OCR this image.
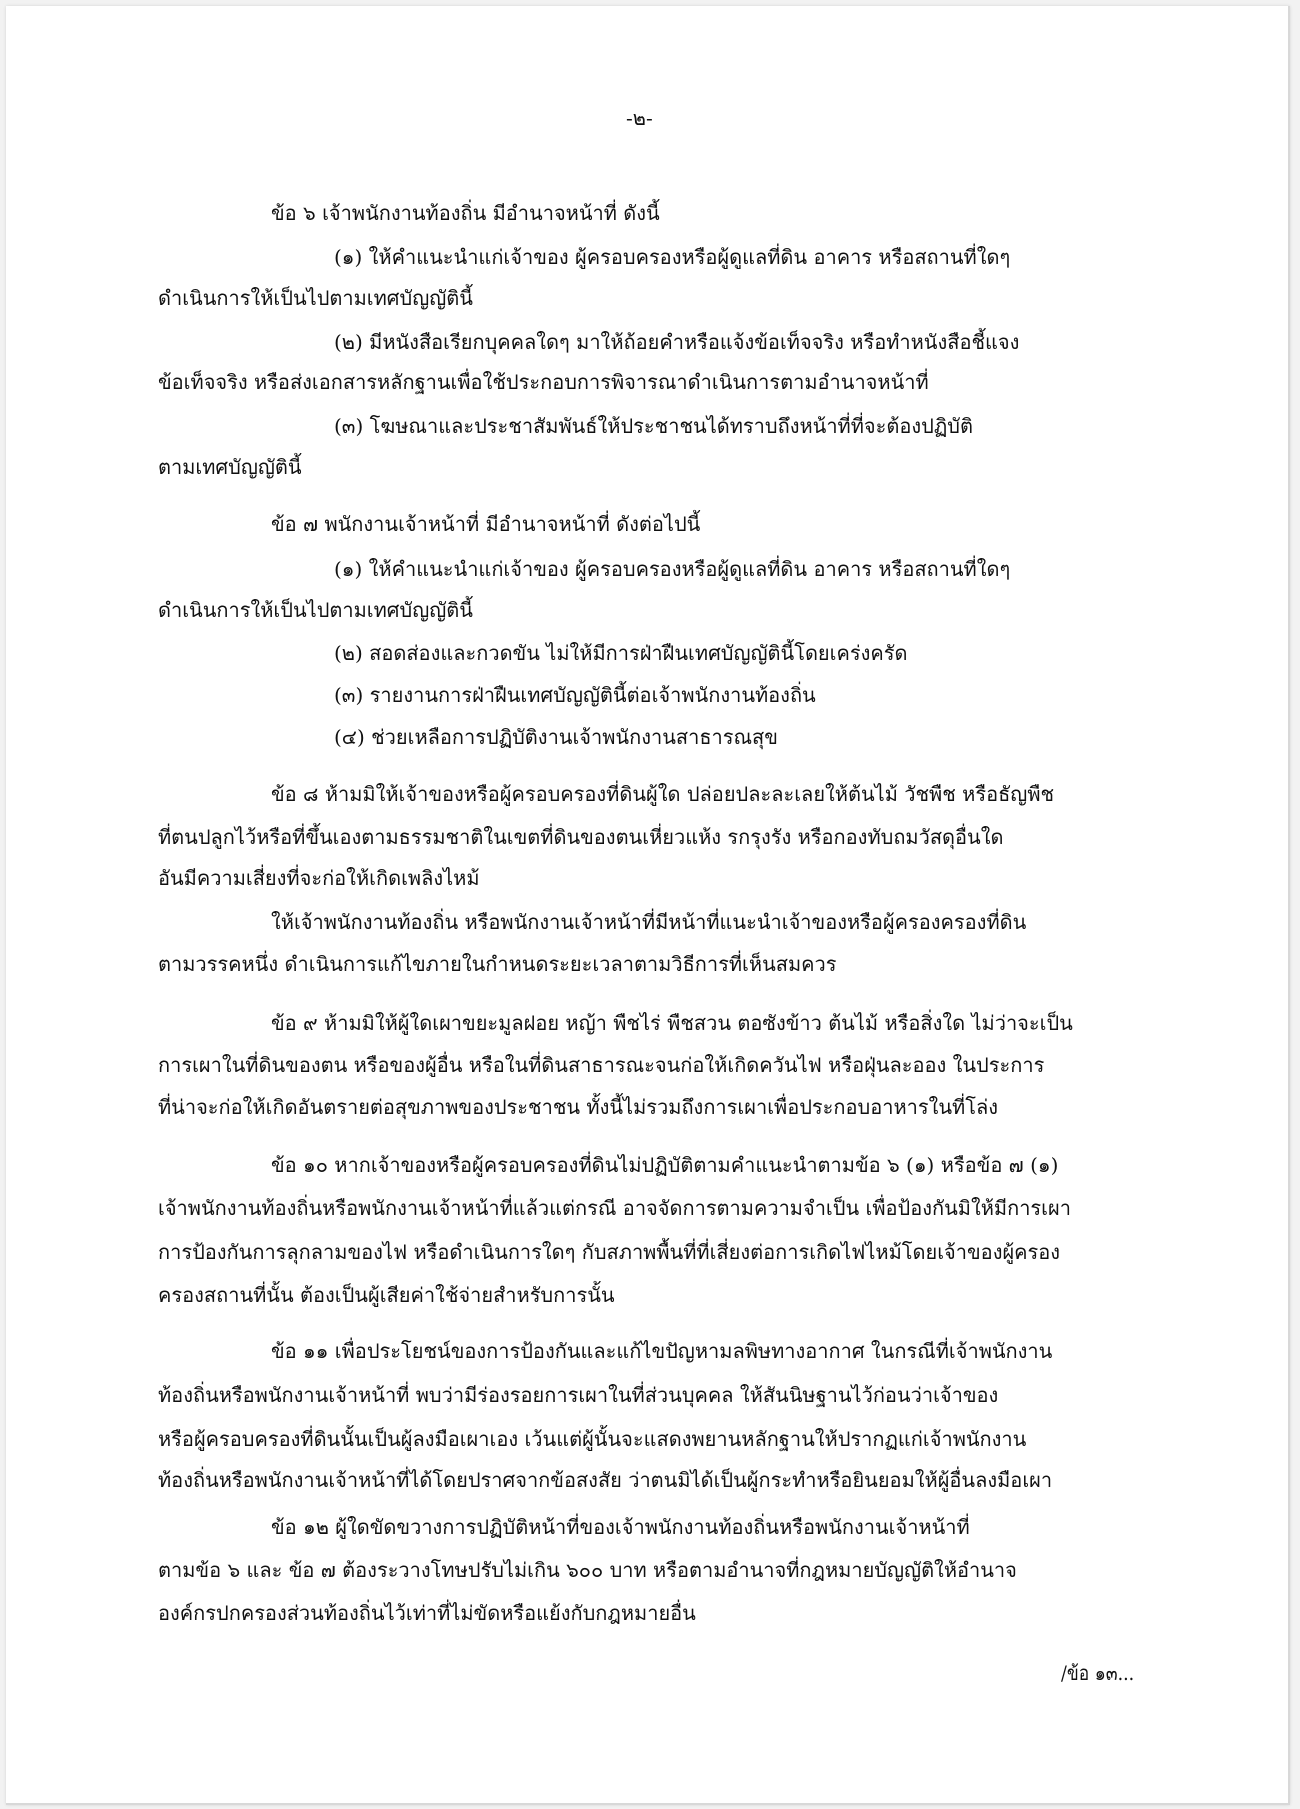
-๒-
ข้อ ๖ เจ้าพนักงานท้องถิ่น มีอำนาจหน้าที่ ดังนี้
(๑) ให้คำแนะนำแก่เจ้าของ ผู้ครอบครองหรือผู้ดูแลที่ดิน อาคาร หรือสถานที่ใดๆ
ดำเนินการให้เป็นไปตามเทศบัญญัตินี้
(๒) มีหนังสือเรียกบุคคลใดๆ มาให้ถ้อยคำหรือแจ้งข้อเท็จจริง หรือทำหนังสือชี้แจง
ข้อเท็จจริง หรือส่งเอกสารหลักฐานเพื่อใช้ประกอบการพิจารณาดำเนินการตามอำนาจหน้าที่
(๓) โฆษณาและประชาสัมพันธ์ให้ประชาชนได้ทราบถึงหน้าที่ที่จะต้องปฏิบัติ
ตามเทศบัญญัตินี้
ข้อ ๗ พนักงานเจ้าหน้าที่ มีอำนาจหน้าที่ ดังต่อไปนี้
(๑) ให้คำแนะนำแก่เจ้าของ ผู้ครอบครองหรือผู้ดูแลที่ดิน อาคาร หรือสถานที่ใดๆ
ดำเนินการให้เป็นไปตามเทศบัญญัตินี้
(๒) สอดส่องและกวดขัน ไม่ให้มีการฝ่าฝืนเทศบัญญัตินี้โดยเคร่งครัด
(๓) รายงานการฝ่าฝืนเทศบัญญัตินี้ต่อเจ้าพนักงานท้องถิ่น
(๔) ช่วยเหลือการปฏิบัติงานเจ้าพนักงานสาธารณสุข
ข้อ ๘ ห้ามมิให้เจ้าของหรือผู้ครอบครองที่ดินผู้ใด ปล่อยปละละเลยให้ต้นไม้ วัชพืช หรือธัญพืช
ที่ตนปลูกไว้หรือที่ขึ้นเองตามธรรมชาติในเขตที่ดินของตนเหี่ยวแห้ง รกรุงรัง หรือกองทับถมวัสดุอื่นใด
อันมีความเสี่ยงที่จะก่อให้เกิดเพลิงไหม้
ให้เจ้าพนักงานท้องถิ่น หรือพนักงานเจ้าหน้าที่มีหน้าที่แนะนำเจ้าของหรือผู้ครองครองที่ดิน
ตามวรรคหนึ่ง ดำเนินการแก้ไขภายในกำหนดระยะเวลาตามวิธีการที่เห็นสมควร
ข้อ ๙ ห้ามมิให้ผู้ใดเผาขยะมูลฝอย หญ้า พืชไร่ พืชสวน ตอซังข้าว ต้นไม้ หรือสิ่งใด ไม่ว่าจะเป็น
การเผาในที่ดินของตน หรือของผู้อื่น หรือในที่ดินสาธารณะจนก่อให้เกิดควันไฟ หรือฝุ่นละออง ในประการ
ที่น่าจะก่อให้เกิดอันตรายต่อสุขภาพของประชาชน ทั้งนี้ไม่รวมถึงการเผาเพื่อประกอบอาหารในที่โล่ง
ข้อ ๑๐ หากเจ้าของหรือผู้ครอบครองที่ดินไม่ปฏิบัติตามคำแนะนำตามข้อ ๖ (๑) หรือข้อ ๗ (๑)
เจ้าพนักงานท้องถิ่นหรือพนักงานเจ้าหน้าที่แล้วแต่กรณี อาจจัดการตามความจำเป็น เพื่อป้องกันมิให้มีการเผา
การป้องกันการลุกลามของไฟ หรือดำเนินการใดๆ กับสภาพพื้นที่ที่เสี่ยงต่อการเกิดไฟไหม้โดยเจ้าของผู้ครอง
ครองสถานที่นั้น ต้องเป็นผู้เสียค่าใช้จ่ายสำหรับการนั้น
ข้อ ๑๑ เพื่อประโยชน์ของการป้องกันและแก้ไขปัญหามลพิษทางอากาศ ในกรณีที่เจ้าพนักงาน
ท้องถิ่นหรือพนักงานเจ้าหน้าที่ พบว่ามีร่องรอยการเผาในที่ส่วนบุคคล ให้สันนิษฐานไว้ก่อนว่าเจ้าของ
หรือผู้ครอบครองที่ดินนั้นเป็นผู้ลงมือเผาเอง เว้นแต่ผู้นั้นจะแสดงพยานหลักฐานให้ปรากฏแก่เจ้าพนักงาน
ท้องถิ่นหรือพนักงานเจ้าหน้าที่ได้โดยปราศจากข้อสงสัย ว่าตนมิได้เป็นผู้กระทำหรือยินยอมให้ผู้อื่นลงมือเผา
ข้อ ๑๒ ผู้ใดขัดขวางการปฏิบัติหน้าที่ของเจ้าพนักงานท้องถิ่นหรือพนักงานเจ้าหน้าที่
ตามข้อ ๖ และ ข้อ ๗ ต้องระวางโทษปรับไม่เกิน ๖๐๐ บาท หรือตามอำนาจที่กฎหมายบัญญัติให้อำนาจ
องค์กรปกครองส่วนท้องถิ่นไว้เท่าที่ไม่ขัดหรือแย้งกับกฎหมายอื่น
/ข้อ ๑๓...
